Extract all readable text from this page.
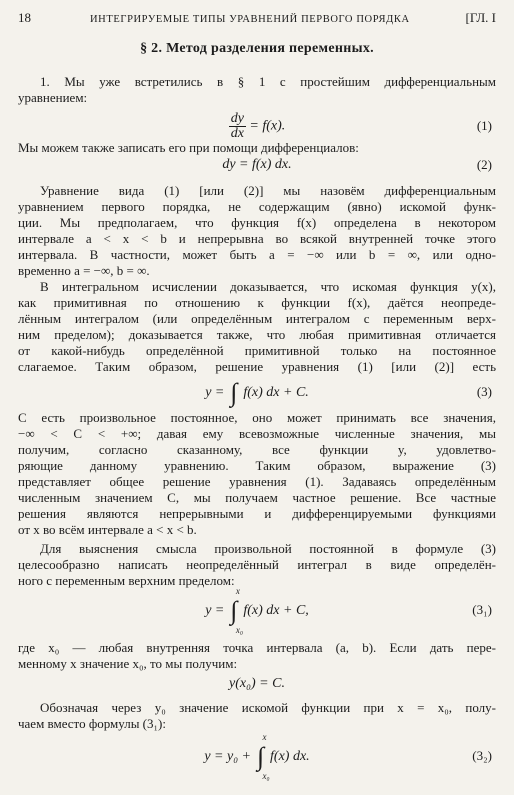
18	ИНТЕГРИРУЕМЫЕ ТИПЫ УРАВНЕНИЙ ПЕРВОГО ПОРЯДКА	[ГЛ. I
§ 2. Метод разделения переменных.
1. Мы уже встретились в § 1 с простейшим дифференциальным
уравнением:
$\frac{dy}{dx} = f(x)$.	(1)
Мы можем также записать его при помощи дифференциалов:
dy = f(x) dx.	(2)
Уравнение вида (1) [или (2)] мы назовём дифференциальным
уравнением первого порядка, не содержащим (явно) искомой функ-
ции. Мы предполагаем, что функция f(x) определена в некотором
интервале a < x < b и непрерывна во всякой внутренней точке этого
интервала. В частности, может быть a = −∞ или b = ∞, или одно-
временно a = −∞, b = ∞.
В интегральном исчислении доказывается, что искомая функция y(x),
как примитивная по отношению к функции f(x), даётся неопреде-
лённым интегралом (или определённым интегралом с переменным верх-
ним пределом); доказывается также, что любая примитивная отличается
от какой-нибудь определённой примитивной только на постоянное
слагаемое. Таким образом, решение уравнения (1) [или (2)] есть
y = ∫ f(x) dx + C.	(3)
C есть произвольное постоянное, оно может принимать все значения,
−∞ < C < +∞; давая ему всевозможные численные значения, мы
получим, согласно сказанному, все функции y, удовлетво-
ряющие данному уравнению. Таким образом, выражение (3)
представляет общее решение уравнения (1). Задаваясь определённым
численным значением C, мы получаем частное решение. Все частные
решения являются непрерывными и дифференцируемыми функциями
от x во всём интервале a < x < b.
Для выяснения смысла произвольной постоянной в формуле (3)
целесообразно написать неопределённый интеграл в виде определён-
ного с переменным верхним пределом:
y = ∫
x
x₀
f(x) dx + C,	(3₁)
где x₀ — любая внутренняя точка интервала (a, b). Если дать пере-
менному x значение x₀, то мы получим:
y(x₀) = C.
Обозначая через y₀ значение искомой функции при x = x₀, полу-
чаем вместо формулы (3₁):
y = y₀ + ∫
x
x₀
f(x) dx.	(3₂)
